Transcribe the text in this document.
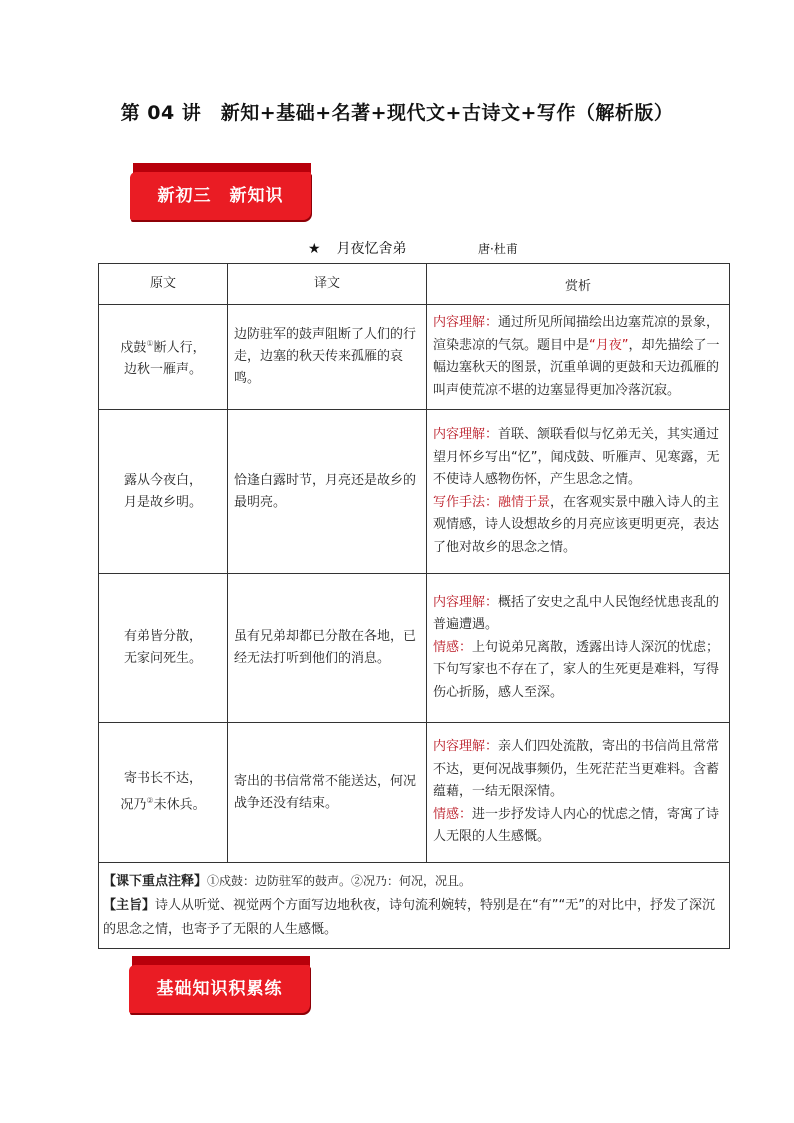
第 04 讲　新知+基础+名著+现代文+古诗文+写作（解析版）
新初三　新知识
★ 月夜忆舍弟	唐·杜甫
原文	译文	赏析
戍鼓①断人行，
边秋一雁声。	边防驻军的鼓声阻断了人们的行走，边塞的秋天传来孤雁的哀鸣。	内容理解：通过所见所闻描绘出边塞荒凉的景象，渲染悲凉的气氛。题目中是“月夜”，却先描绘了一幅边塞秋天的图景，沉重单调的更鼓和天边孤雁的叫声使荒凉不堪的边塞显得更加冷落沉寂。
露从今夜白，
月是故乡明。	恰逢白露时节，月亮还是故乡的最明亮。	内容理解：首联、颔联看似与忆弟无关，其实通过望月怀乡写出“忆”，闻戍鼓、听雁声、见寒露，无不使诗人感物伤怀，产生思念之情。
写作手法：融情于景，在客观实景中融入诗人的主观情感，诗人设想故乡的月亮应该更明更亮，表达了他对故乡的思念之情。
有弟皆分散，
无家问死生。	虽有兄弟却都已分散在各地，已经无法打听到他们的消息。	内容理解：概括了安史之乱中人民饱经忧患丧乱的普遍遭遇。
情感：上句说弟兄离散，透露出诗人深沉的忧虑；下句写家也不存在了，家人的生死更是难料，写得伤心折肠，感人至深。
寄书长不达，
况乃②未休兵。	寄出的书信常常不能送达，何况战争还没有结束。	内容理解：亲人们四处流散，寄出的书信尚且常常不达，更何况战事频仍，生死茫茫当更难料。含蓄蕴藉，一结无限深情。
情感：进一步抒发诗人内心的忧虑之情，寄寓了诗人无限的人生感慨。
【课下重点注释】①戍鼓：边防驻军的鼓声。②况乃：何况，况且。
【主旨】诗人从听觉、视觉两个方面写边地秋夜，诗句流利婉转，特别是在“有”“无”的对比中，抒发了深沉的思念之情，也寄予了无限的人生感慨。		
基础知识积累练
